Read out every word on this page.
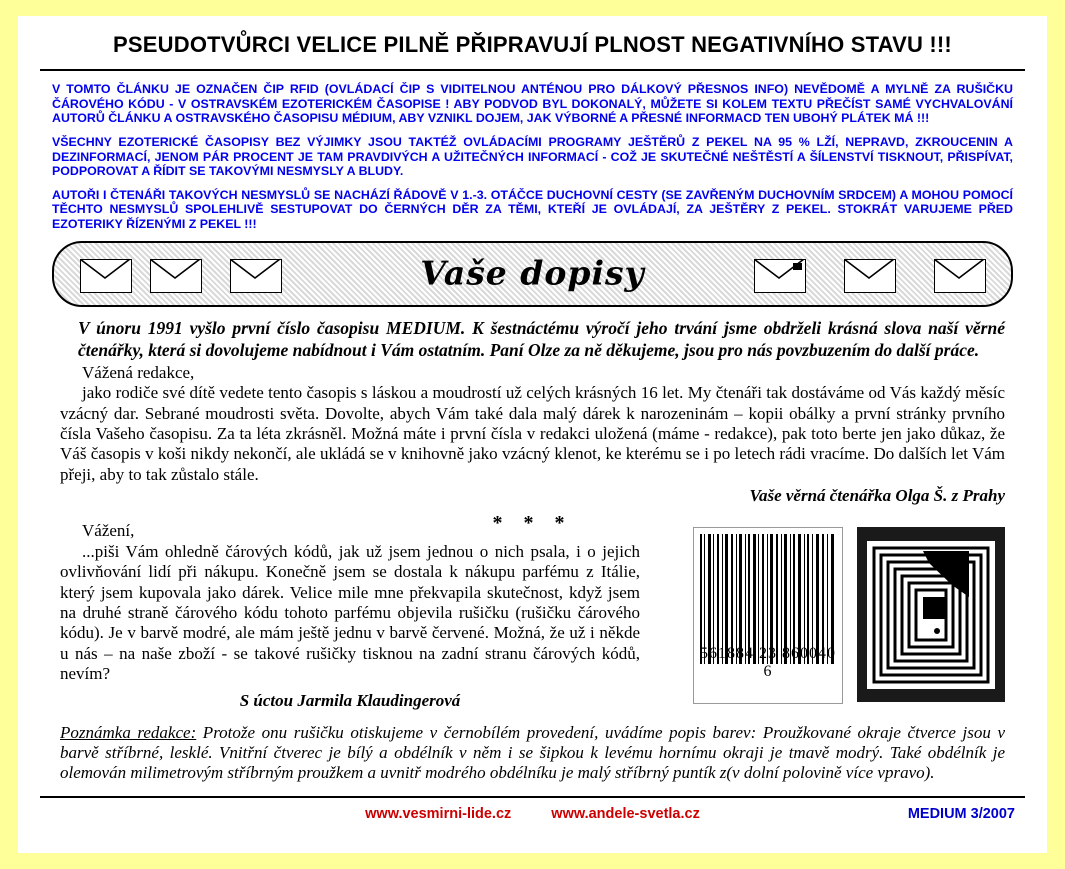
PSEUDOTVŮRCI VELICE PILNĚ PŘIPRAVUJÍ PLNOST NEGATIVNÍHO STAVU !!!

V TOMTO ČLÁNKU JE OZNAČEN ČIP RFID (OVLÁDACÍ ČIP S VIDITELNOU ANTÉNOU PRO DÁLKOVÝ PŘESNOS INFO) NEVĚDOMĚ A MYLNĚ ZA RUŠIČKU ČÁROVÉHO KÓDU - V OSTRAVSKÉM EZOTERICKÉM ČASOPISE ! ABY PODVOD BYL DOKONALÝ, MŮŽETE SI KOLEM TEXTU PŘEČÍST SAMÉ VYCHVALOVÁNÍ AUTORŮ ČLÁNKU A OSTRAVSKÉHO ČASOPISU MÉDIUM, ABY VZNIKL DOJEM, JAK VÝBORNÉ A PŘESNÉ INFORMACD TEN UBOHÝ PLÁTEK MÁ !!!

VŠECHNY EZOTERICKÉ ČASOPISY BEZ VÝJIMKY JSOU TAKTÉŽ OVLÁDACÍMI PROGRAMY JEŠTĚRŮ Z PEKEL NA 95 % LŽÍ, NEPRAVD, ZKROUCENIN A DEZINFORMACÍ, JENOM PÁR PROCENT JE TAM PRAVDIVÝCH A UŽITEČNÝCH INFORMACÍ - COŽ JE SKUTEČNÉ NEŠTĚSTÍ A ŠÍLENSTVÍ TISKNOUT, PŘISPÍVAT, PODPOROVAT A ŘÍDIT SE TAKOVÝMI NESMYSLY A BLUDY.

AUTOŘI I ČTENÁŘI TAKOVÝCH NESMYSLŮ SE NACHÁZÍ ŘÁDOVĚ V 1.-3. OTÁČCE DUCHOVNÍ CESTY (SE ZAVŘENÝM DUCHOVNÍM SRDCEM) A MOHOU POMOCÍ TĚCHTO NESMYSLŮ SPOLEHLIVĚ SESTUPOVAT DO ČERNÝCH DĚR ZA TĚMI, KTEŘÍ JE OVLÁDAJÍ, ZA JEŠTĚRY Z PEKEL. STOKRÁT VARUJEME PŘED EZOTERIKY ŘÍZENÝMI Z PEKEL !!!

Vaše dopisy
V únoru 1991 vyšlo první číslo časopisu MEDIUM. K šestnáctému výročí jeho trvání jsme obdrželi krásná slova naší věrné čtenářky, která si dovolujeme nabídnout i Vám ostatním. Paní Olze za ně děkujeme, jsou pro nás povzbuzením do další práce.

Vážená redakce,

jako rodiče své dítě vedete tento časopis s láskou a moudrostí už celých krásných 16 let. My čtenáři tak dostáváme od Vás každý měsíc vzácný dar. Sebrané moudrosti světa. Dovolte, abych Vám také dala malý dárek k narozeninám – kopii obálky a první stránky prvního čísla Vašeho časopisu. Za ta léta zkrásněl. Možná máte i první čísla v redakci uložená (máme - redakce), pak toto berte jen jako důkaz, že Váš časopis v koši nikdy nekončí, ale ukládá se v knihovně jako vzácný klenot, ke kterému se i po letech rádi vracíme. Do dalších let Vám přeji, aby to tak zůstalo stále.

Vaše věrná čtenářka Olga Š. z Prahy
* * *

Vážení,

...piši Vám ohledně čárových kódů, jak už jsem jednou o nich psala, i o jejich ovlivňování lidí při nákupu. Konečně jsem se dostala k nákupu parfému z Itálie, který jsem kupovala jako dárek. Velice mile mne překvapila skutečnost, když jsem na druhé straně čárového kódu tohoto parfému objevila rušičku (rušičku čárového kódu). Je v barvě modré, ale mám ještě jednu v barvě červené. Možná, že už i někde u nás – na naše zboží - se takové rušičky tisknou na zadní stranu čárových kódů, nevím?

S úctou Jarmila Klaudingerová
561884 23 860040 6
Poznámka redakce: Protože onu rušičku otiskujeme v černobílém provedení, uvádíme popis barev: Proužkované okraje čtverce jsou v barvě stříbrné, lesklé. Vnitřní čtverec je bílý a obdélník v něm i se šipkou k levému hornímu okraji je tmavě modrý. Také obdélník je olemován milimetrovým stříbrným proužkem a uvnitř modrého obdélníku je malý stříbrný puntík z(v dolní polovině více vpravo).
www.vesmirni-lide.cz	www.andele-svetla.cz	MEDIUM 3/2007
